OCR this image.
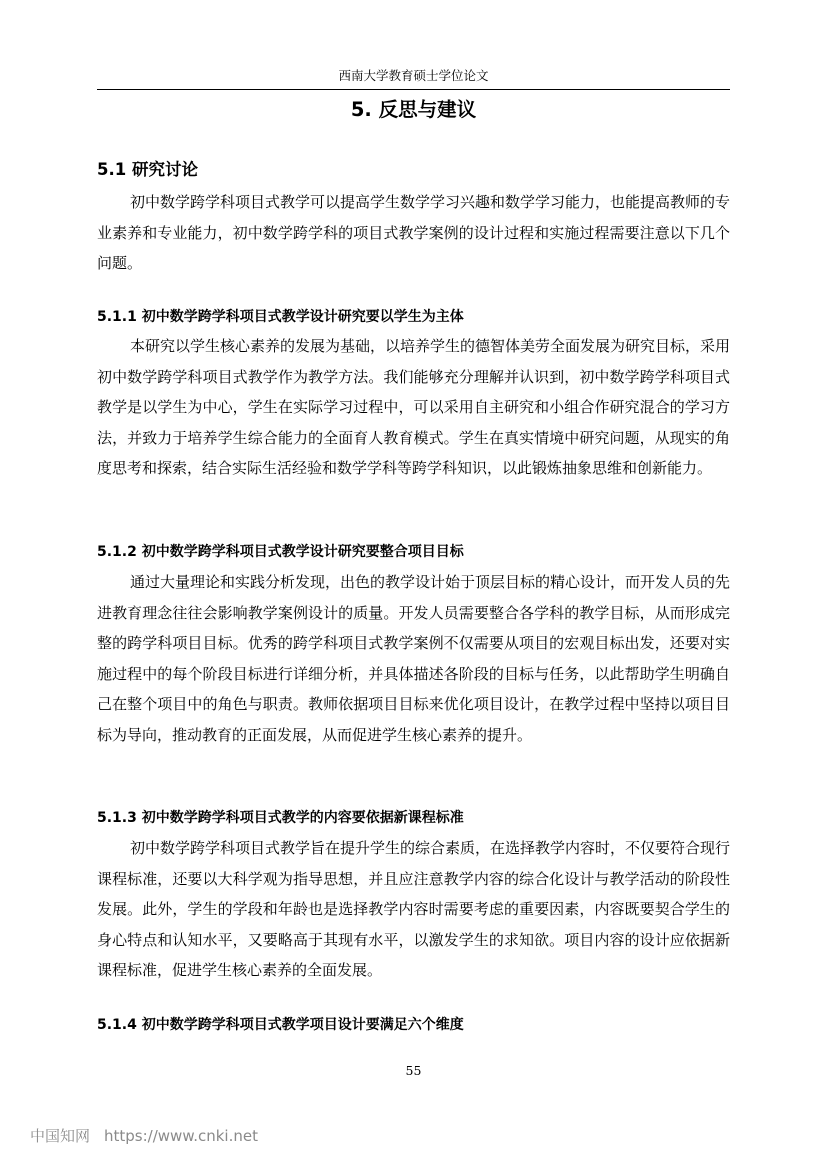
西南大学教育硕士学位论文
5. 反思与建议
5.1 研究讨论

初中数学跨学科项目式教学可以提高学生数学学习兴趣和数学学习能力，也能提高教师的专业素养和专业能力，初中数学跨学科的项目式教学案例的设计过程和实施过程需要注意以下几个问题。

5.1.1 初中数学跨学科项目式教学设计研究要以学生为主体

本研究以学生核心素养的发展为基础，以培养学生的德智体美劳全面发展为研究目标，采用初中数学跨学科项目式教学作为教学方法。我们能够充分理解并认识到，初中数学跨学科项目式教学是以学生为中心，学生在实际学习过程中，可以采用自主研究和小组合作研究混合的学习方法，并致力于培养学生综合能力的全面育人教育模式。学生在真实情境中研究问题，从现实的角度思考和探索，结合实际生活经验和数学学科等跨学科知识，以此锻炼抽象思维和创新能力。

5.1.2 初中数学跨学科项目式教学设计研究要整合项目目标

通过大量理论和实践分析发现，出色的教学设计始于顶层目标的精心设计，而开发人员的先进教育理念往往会影响教学案例设计的质量。开发人员需要整合各学科的教学目标，从而形成完整的跨学科项目目标。优秀的跨学科项目式教学案例不仅需要从项目的宏观目标出发，还要对实施过程中的每个阶段目标进行详细分析，并具体描述各阶段的目标与任务，以此帮助学生明确自己在整个项目中的角色与职责。教师依据项目目标来优化项目设计，在教学过程中坚持以项目目标为导向，推动教育的正面发展，从而促进学生核心素养的提升。

5.1.3 初中数学跨学科项目式教学的内容要依据新课程标准

初中数学跨学科项目式教学旨在提升学生的综合素质，在选择教学内容时，不仅要符合现行课程标准，还要以大科学观为指导思想，并且应注意教学内容的综合化设计与教学活动的阶段性发展。此外，学生的学段和年龄也是选择教学内容时需要考虑的重要因素，内容既要契合学生的身心特点和认知水平，又要略高于其现有水平，以激发学生的求知欲。项目内容的设计应依据新课程标准，促进学生核心素养的全面发展。

5.1.4 初中数学跨学科项目式教学项目设计要满足六个维度
55
中国知网 https://www.cnki.net
